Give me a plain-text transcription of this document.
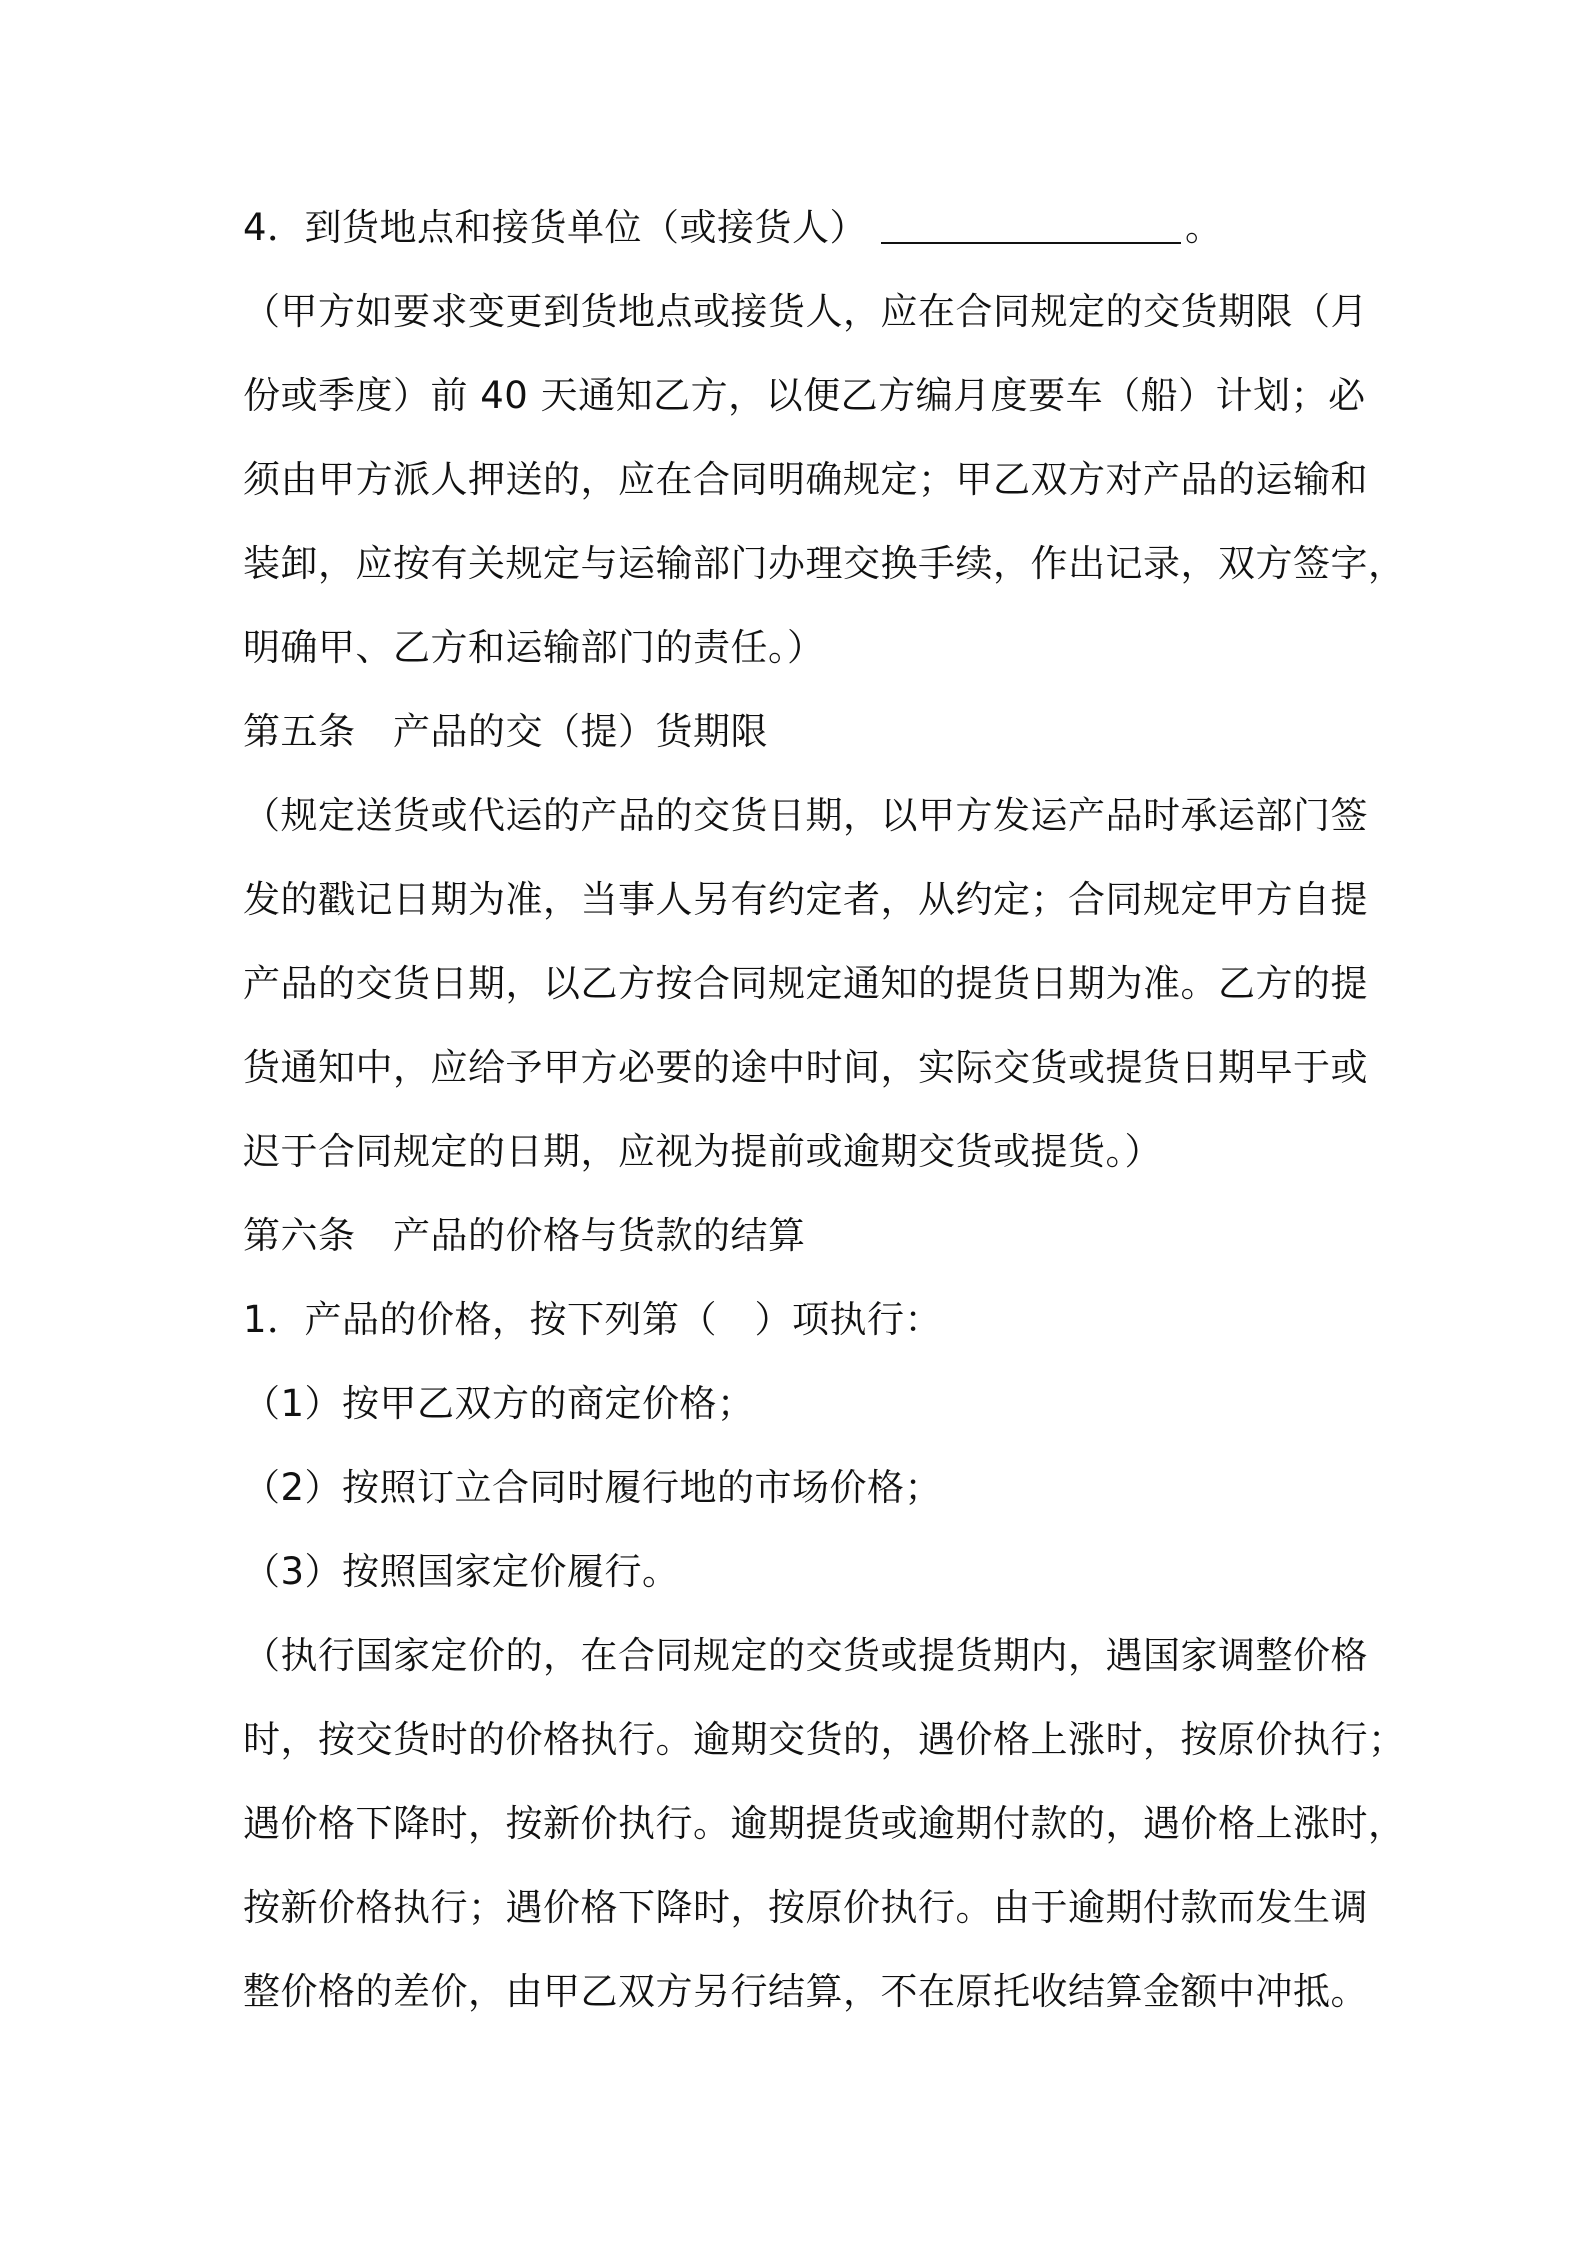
4．到货地点和接货单位（或接货人）	。
（甲方如要求变更到货地点或接货人，应在合同规定的交货期限（月
份或季度）前 40 天通知乙方，以便乙方编月度要车（船）计划；必
须由甲方派人押送的，应在合同明确规定；甲乙双方对产品的运输和
装卸，应按有关规定与运输部门办理交换手续，作出记录，双方签字，
明确甲、乙方和运输部门的责任。）
第五条　产品的交（提）货期限
（规定送货或代运的产品的交货日期，以甲方发运产品时承运部门签
发的戳记日期为准，当事人另有约定者，从约定；合同规定甲方自提
产品的交货日期，以乙方按合同规定通知的提货日期为准。乙方的提
货通知中，应给予甲方必要的途中时间，实际交货或提货日期早于或
迟于合同规定的日期，应视为提前或逾期交货或提货。）
第六条　产品的价格与货款的结算
1．产品的价格，按下列第（　）项执行：
（1）按甲乙双方的商定价格；
（2）按照订立合同时履行地的市场价格；
（3）按照国家定价履行。
（执行国家定价的，在合同规定的交货或提货期内，遇国家调整价格
时，按交货时的价格执行。逾期交货的，遇价格上涨时，按原价执行；
遇价格下降时，按新价执行。逾期提货或逾期付款的，遇价格上涨时，
按新价格执行；遇价格下降时，按原价执行。由于逾期付款而发生调
整价格的差价，由甲乙双方另行结算，不在原托收结算金额中冲抵。
